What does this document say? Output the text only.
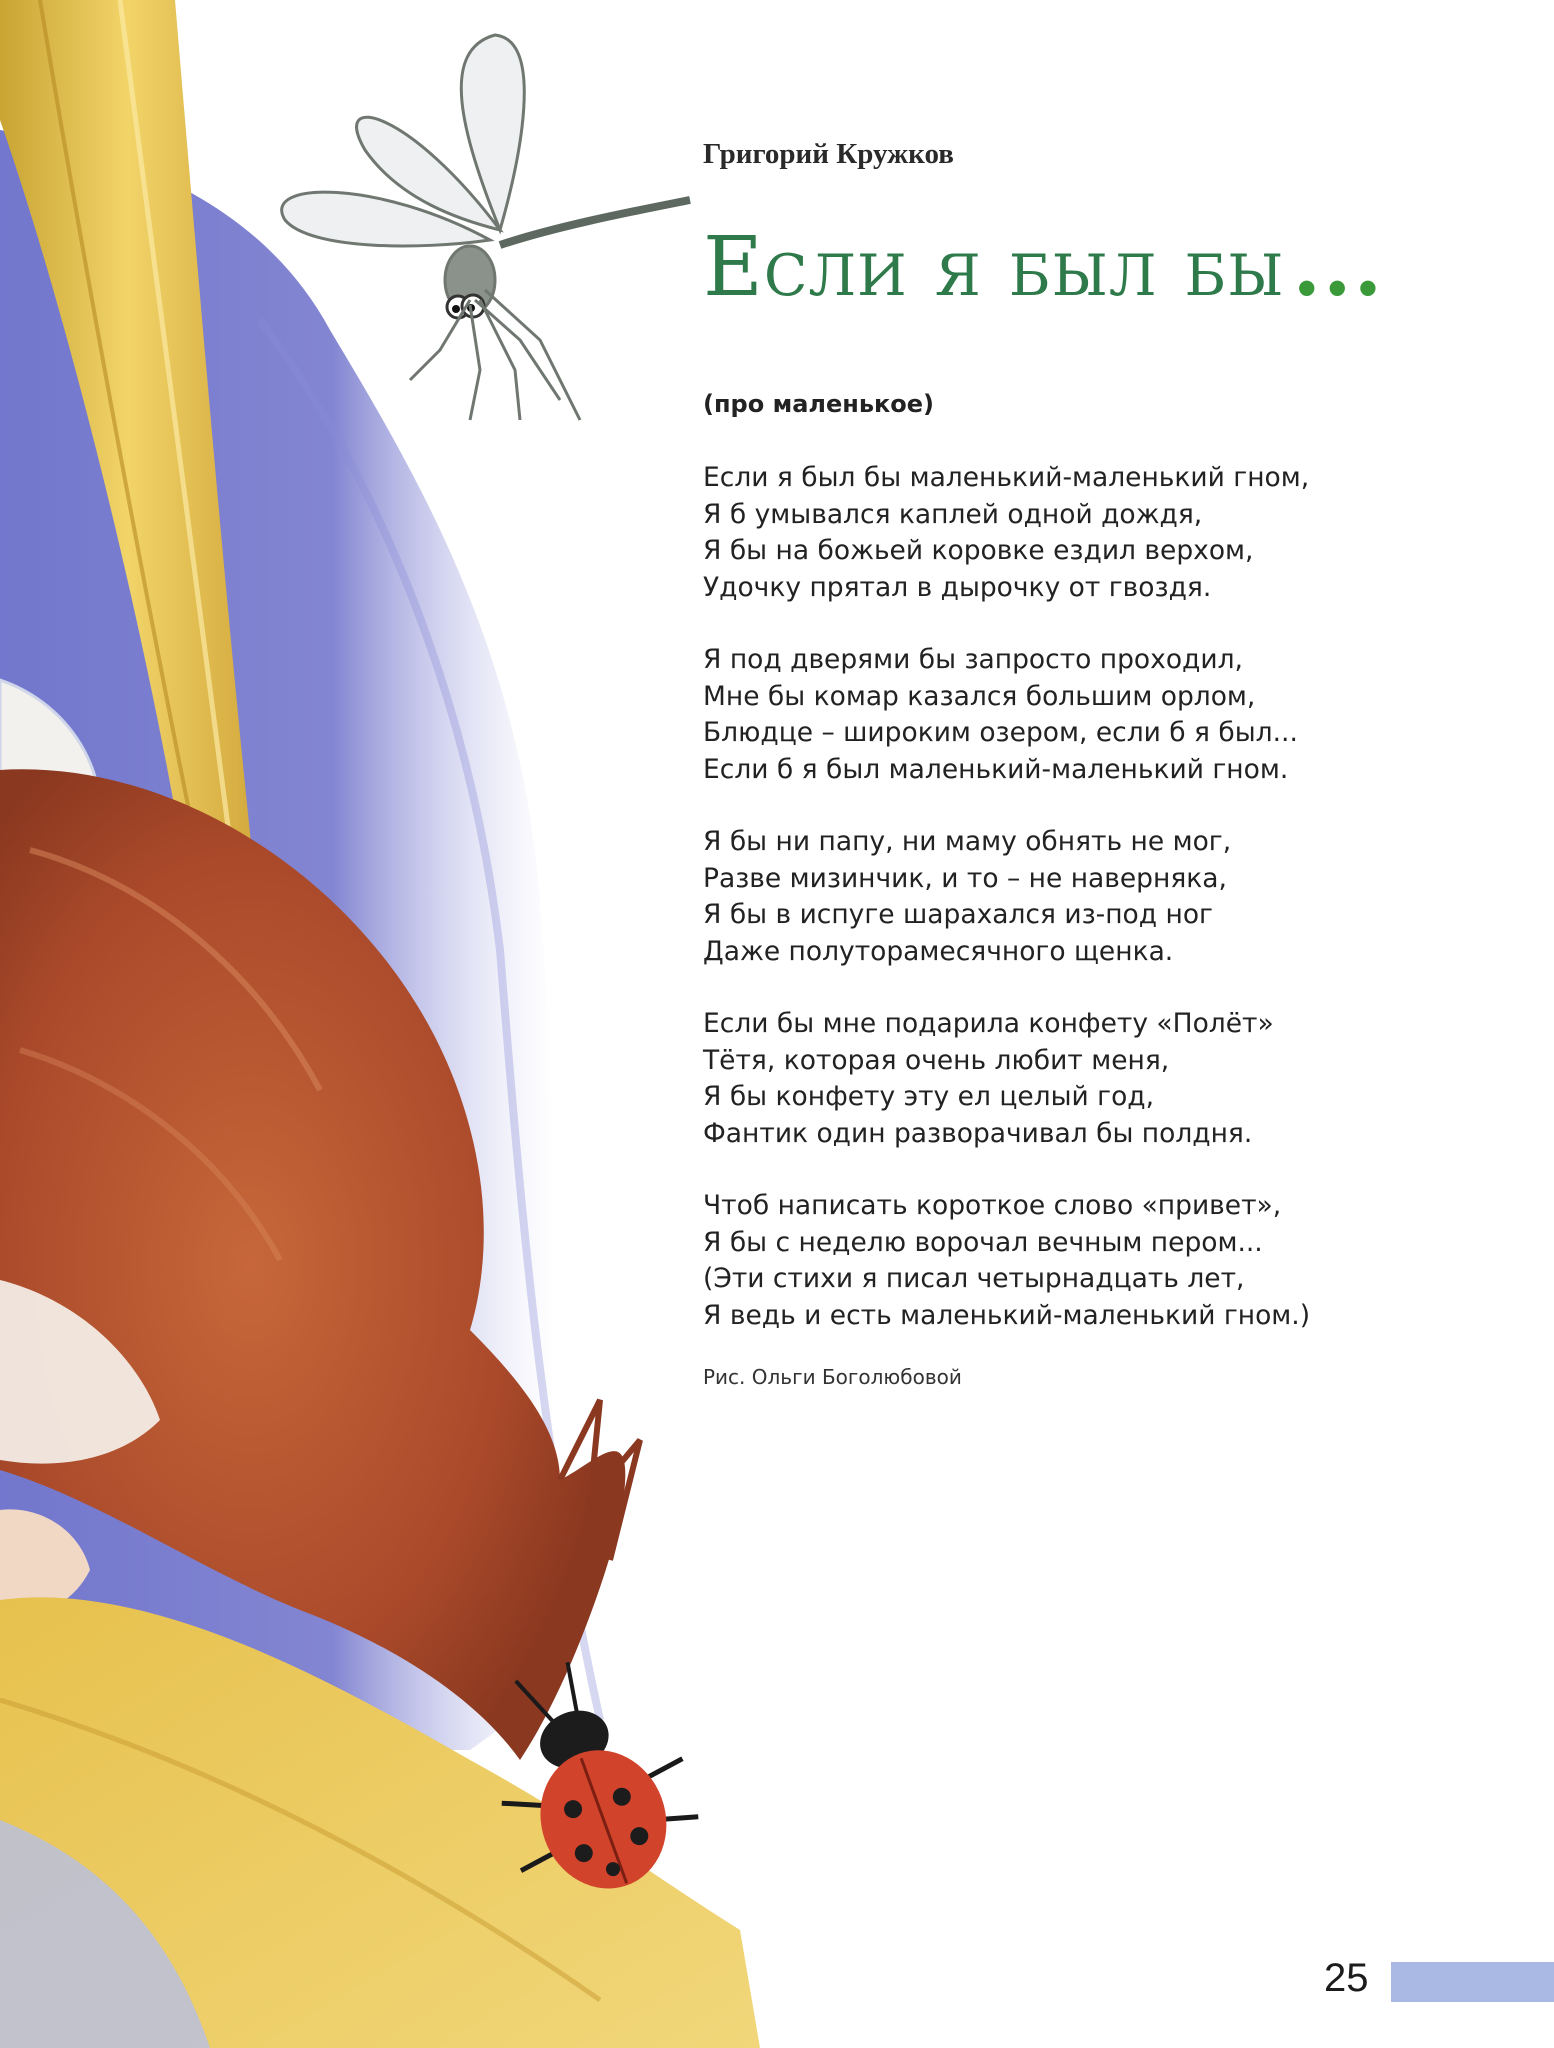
Григорий Кружков

Если я был бы...

(про маленькое)

Если я был бы маленький-маленький гном,
Я б умывался каплей одной дождя,
Я бы на божьей коровке ездил верхом,
Удочку прятал в дырочку от гвоздя.
Я под дверями бы запросто проходил,
Мне бы комар казался большим орлом,
Блюдце – широким озером, если б я был...
Если б я был маленький-маленький гном.
Я бы ни папу, ни маму обнять не мог,
Разве мизинчик, и то – не наверняка,
Я бы в испуге шарахался из-под ног
Даже полуторамесячного щенка.
Если бы мне подарила конфету «Полёт»
Тётя, которая очень любит меня,
Я бы конфету эту ел целый год,
Фантик один разворачивал бы полдня.
Чтоб написать короткое слово «привет»,
Я бы с неделю ворочал вечным пером...
(Эти стихи я писал четырнадцать лет,
Я ведь и есть маленький-маленький гном.)

Рис. Ольги Боголюбовой

25
